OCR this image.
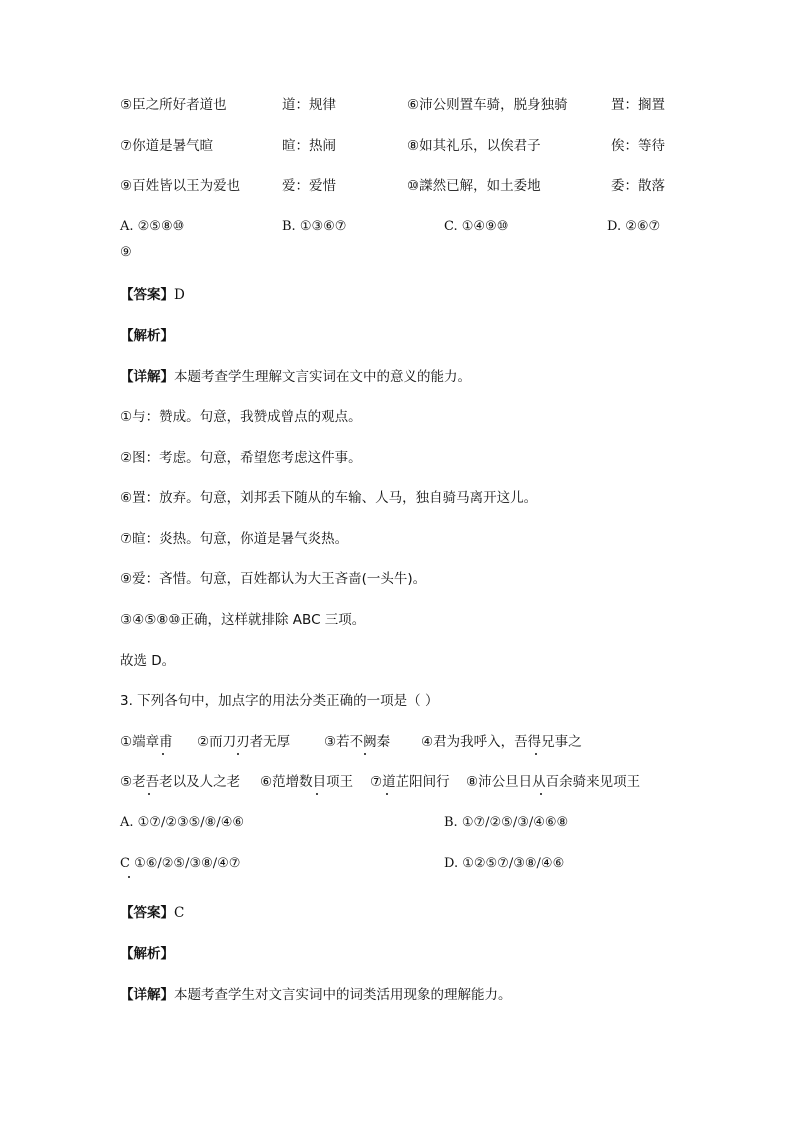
⑤臣之所好者道也	道：规律	⑥沛公则置车骑，脱身独骑	置：搁置
⑦你道是暑气暄	暄：热闹	⑧如其礼乐，以俟君子	俟：等待
⑨百姓皆以王为爱也	爱：爱惜	⑩謋然已解，如土委地	委：散落
A. ②⑤⑧⑩	B. ①③⑥⑦	C. ①④⑨⑩	D. ②⑥⑦
⑨
【答案】D
【解析】
【详解】本题考查学生理解文言实词在文中的意义的能力。
①与：赞成。句意，我赞成曾点的观点。
②图：考虑。句意，希望您考虑这件事。
⑥置：放弃。句意，刘邦丢下随从的车输、人马，独自骑马离开这儿。
⑦暄：炎热。句意，你道是暑气炎热。
⑨爱：吝惜。句意，百姓都认为大王吝啬(一头牛)。
③④⑤⑧⑩正确，这样就排除 ABC 三项。
故选 D。
3. 下列各句中，加点字的用法分类正确的一项是（ ）
①端章甫 ②而刀刃者无厚	③若不阙秦 ④君为我呼入，吾得兄事之
⑤老吾老以及人之老 ⑥范增数目项王 ⑦道芷阳间行 ⑧沛公旦日从百余骑来见项王
A. ①⑦/②③⑤/⑧/④⑥	B. ①⑦/②⑤/③/④⑥⑧
C ①⑥/②⑤/③⑧/④⑦	D. ①②⑤⑦/③⑧/④⑥
【答案】C
【解析】
【详解】本题考查学生对文言实词中的词类活用现象的理解能力。
